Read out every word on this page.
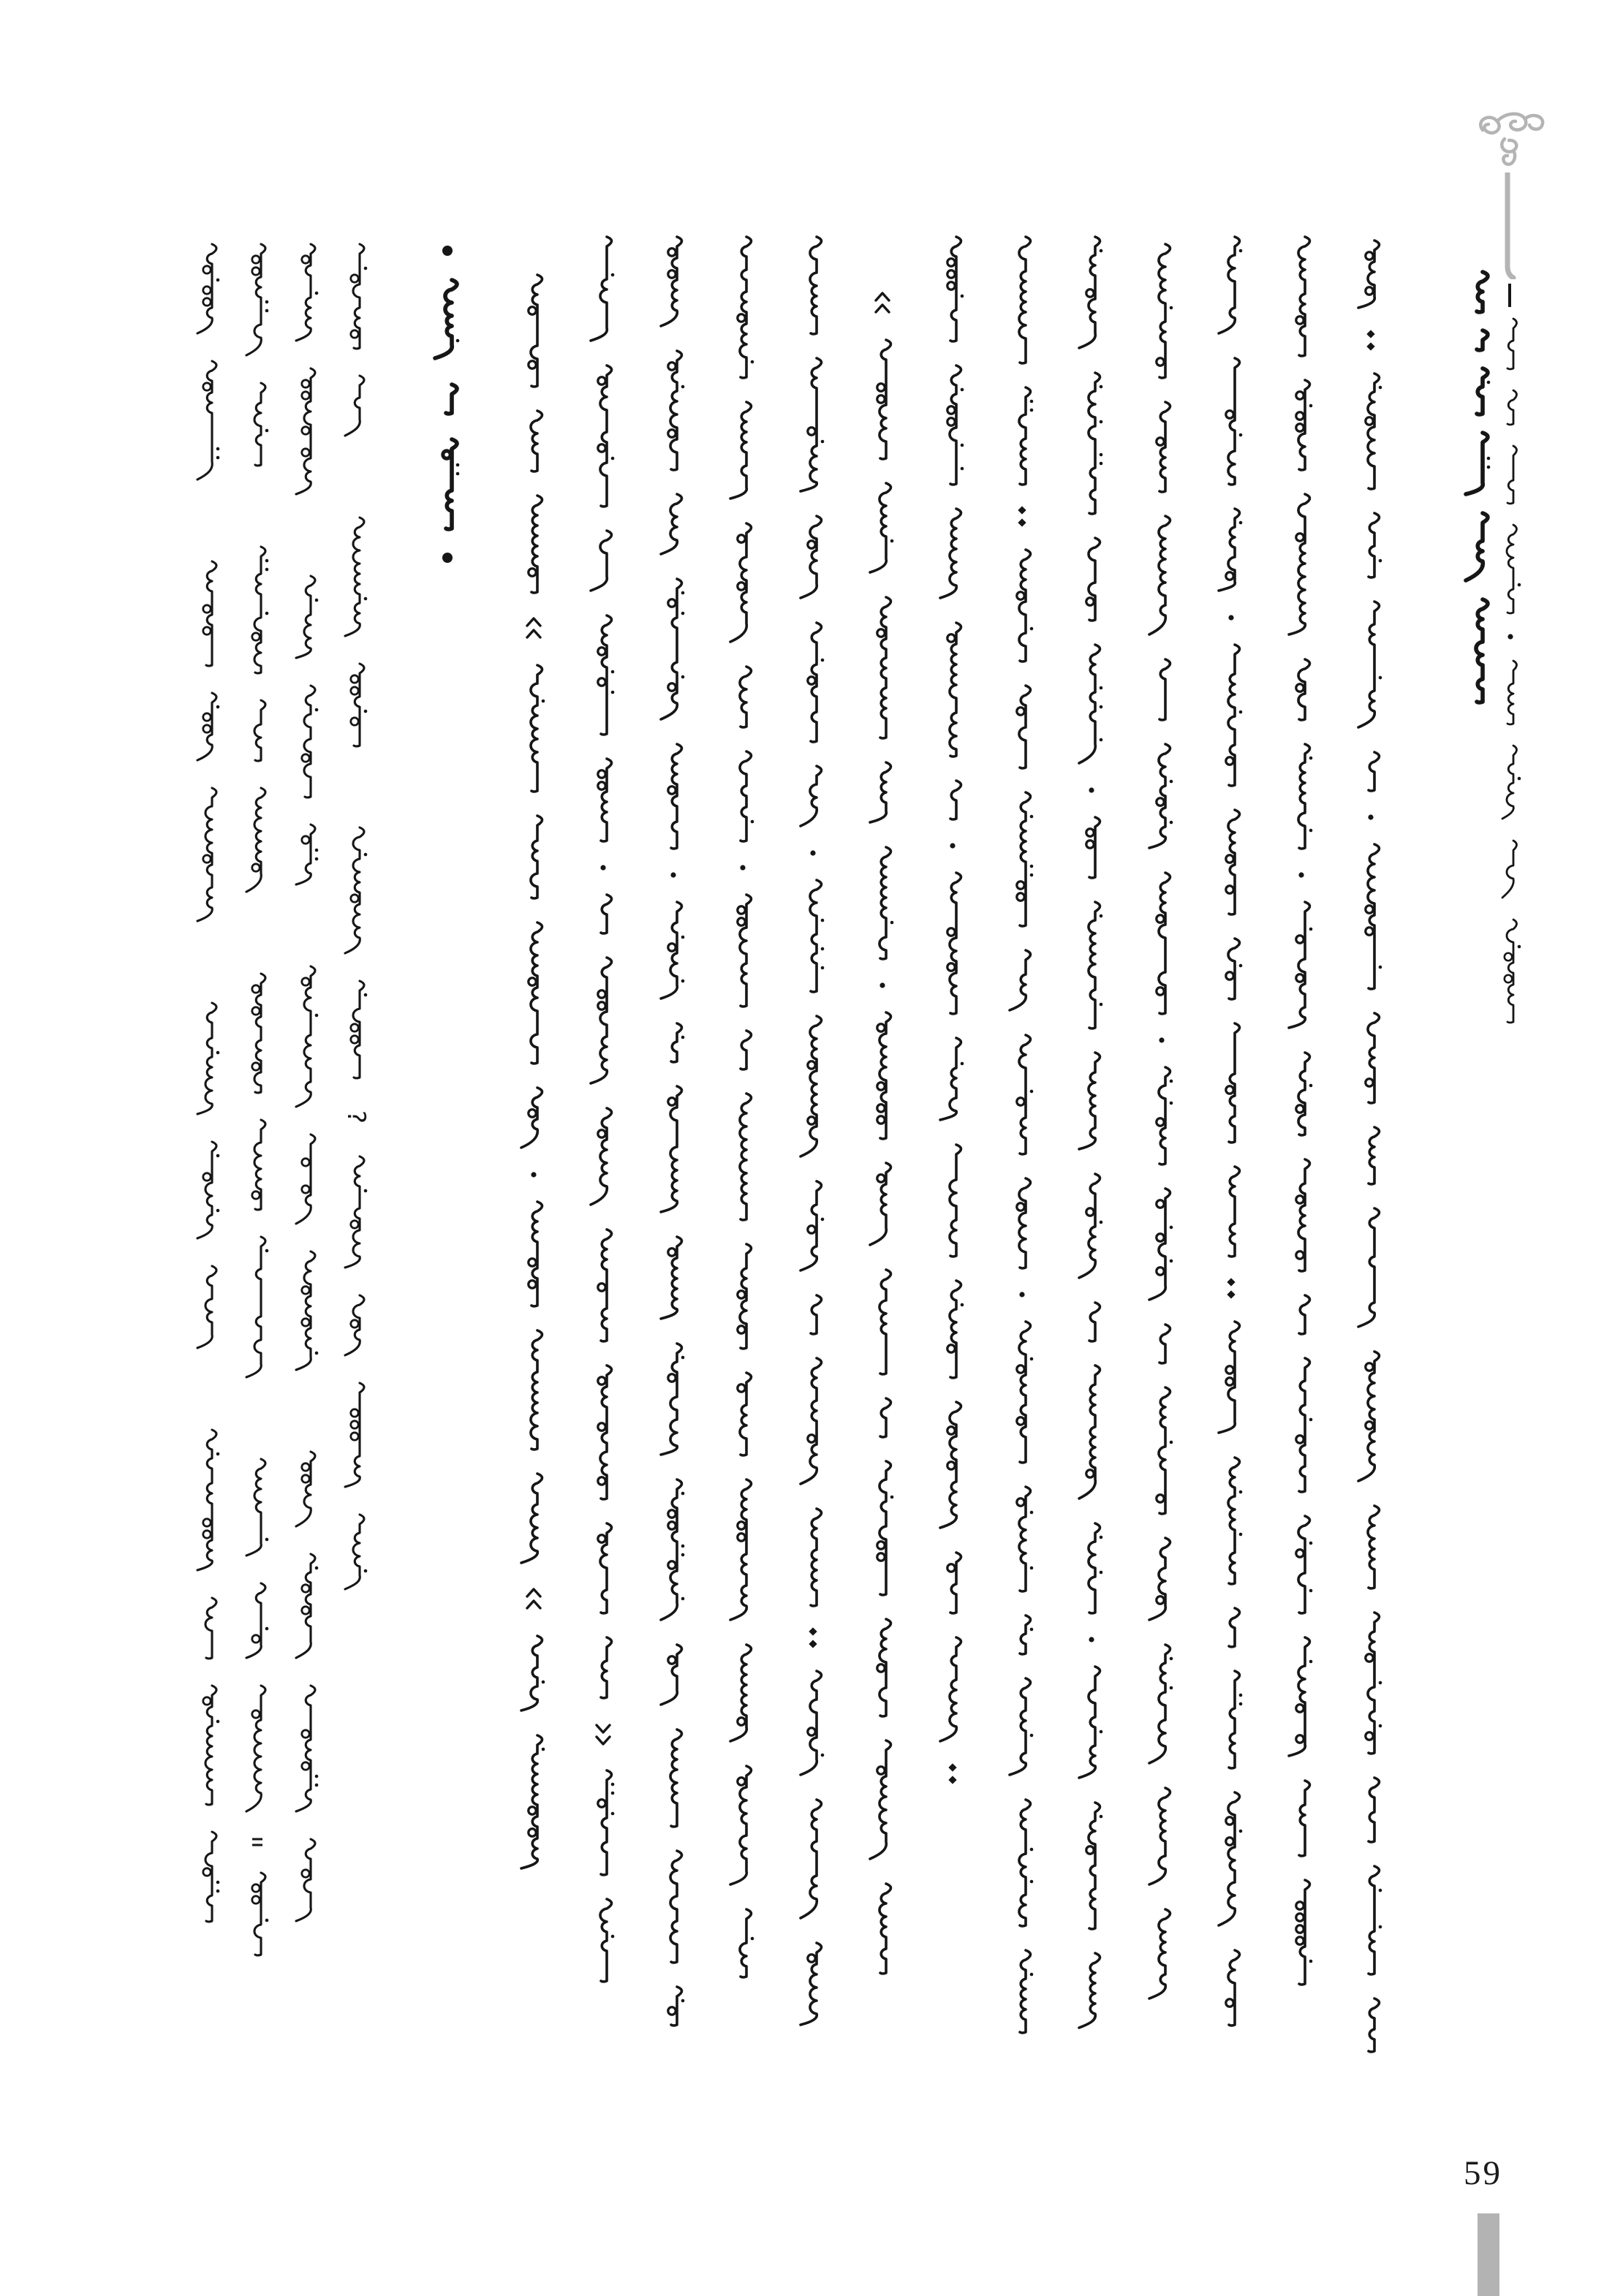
59
?
